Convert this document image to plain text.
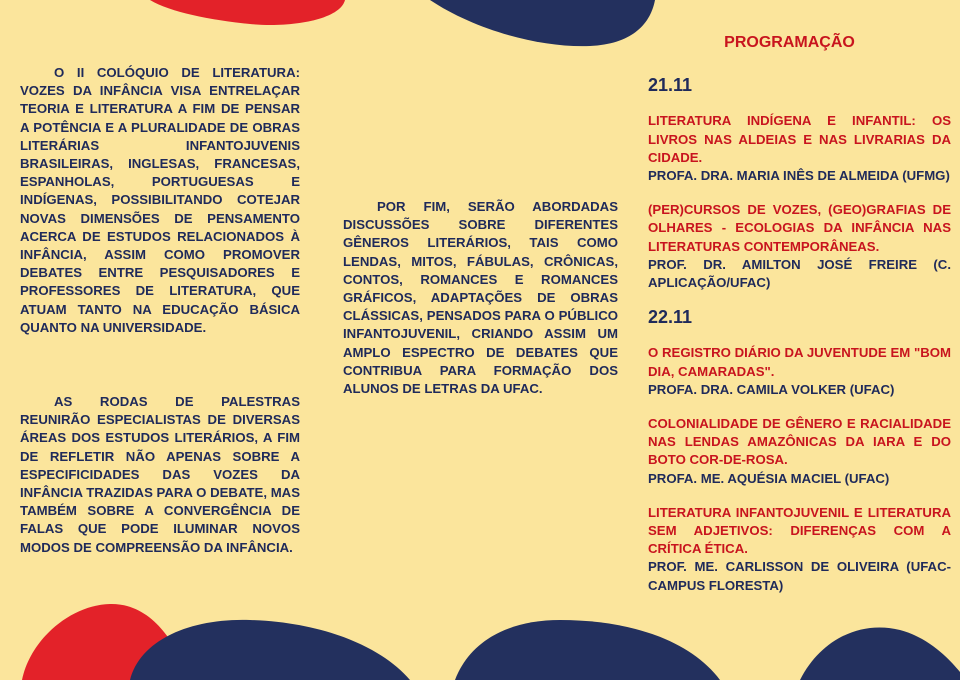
O II COLÓQUIO DE LITERATURA: VOZES DA INFÂNCIA VISA ENTRELAÇAR TEORIA E LITERATURA A FIM DE PENSAR A POTÊNCIA E A PLURALIDADE DE OBRAS LITERÁRIAS INFANTOJUVENIS BRASILEIRAS, INGLESAS, FRANCESAS, ESPANHOLAS, PORTUGUESAS E INDÍGENAS, POSSIBILITANDO COTEJAR NOVAS DIMENSÕES DE PENSAMENTO ACERCA DE ESTUDOS RELACIONADOS À INFÂNCIA, ASSIM COMO PROMOVER DEBATES ENTRE PESQUISADORES E PROFESSORES DE LITERATURA, QUE ATUAM TANTO NA EDUCAÇÃO BÁSICA QUANTO NA UNIVERSIDADE.

AS RODAS DE PALESTRAS REUNIRÃO ESPECIALISTAS DE DIVERSAS ÁREAS DOS ESTUDOS LITERÁRIOS, A FIM DE REFLETIR NÃO APENAS SOBRE A ESPECIFICIDADES DAS VOZES DA INFÂNCIA TRAZIDAS PARA O DEBATE, MAS TAMBÉM SOBRE A CONVERGÊNCIA DE FALAS QUE PODE ILUMINAR NOVOS MODOS DE COMPREENSÃO DA INFÂNCIA.

POR FIM, SERÃO ABORDADAS DISCUSSÕES SOBRE DIFERENTES GÊNEROS LITERÁRIOS, TAIS COMO LENDAS, MITOS, FÁBULAS, CRÔNICAS, CONTOS, ROMANCES E ROMANCES GRÁFICOS, ADAPTAÇÕES DE OBRAS CLÁSSICAS, PENSADOS PARA O PÚBLICO INFANTOJUVENIL, CRIANDO ASSIM UM AMPLO ESPECTRO DE DEBATES QUE CONTRIBUA PARA FORMAÇÃO DOS ALUNOS DE LETRAS DA UFAC.

PROGRAMAÇÃO
21.11
LITERATURA INDÍGENA E INFANTIL: OS LIVROS NAS ALDEIAS E NAS LIVRARIAS DA CIDADE.
PROFA. DRA. MARIA INÊS DE ALMEIDA (UFMG)
(PER)CURSOS DE VOZES, (GEO)GRAFIAS DE OLHARES - ECOLOGIAS DA INFÂNCIA NAS LITERATURAS CONTEMPORÂNEAS.
PROF. DR. AMILTON JOSÉ FREIRE (C. APLICAÇÃO/UFAC)
22.11
O REGISTRO DIÁRIO DA JUVENTUDE EM "BOM DIA, CAMARADAS".
PROFA. DRA. CAMILA VOLKER (UFAC)
COLONIALIDADE DE GÊNERO E RACIALIDADE NAS LENDAS AMAZÔNICAS DA IARA E DO BOTO COR-DE-ROSA.
PROFA. ME. AQUÉSIA MACIEL (UFAC)
LITERATURA INFANTOJUVENIL E LITERATURA SEM ADJETIVOS: DIFERENÇAS COM A CRÍTICA ÉTICA.
PROF. ME. CARLISSON DE OLIVEIRA (UFAC-CAMPUS FLORESTA)
